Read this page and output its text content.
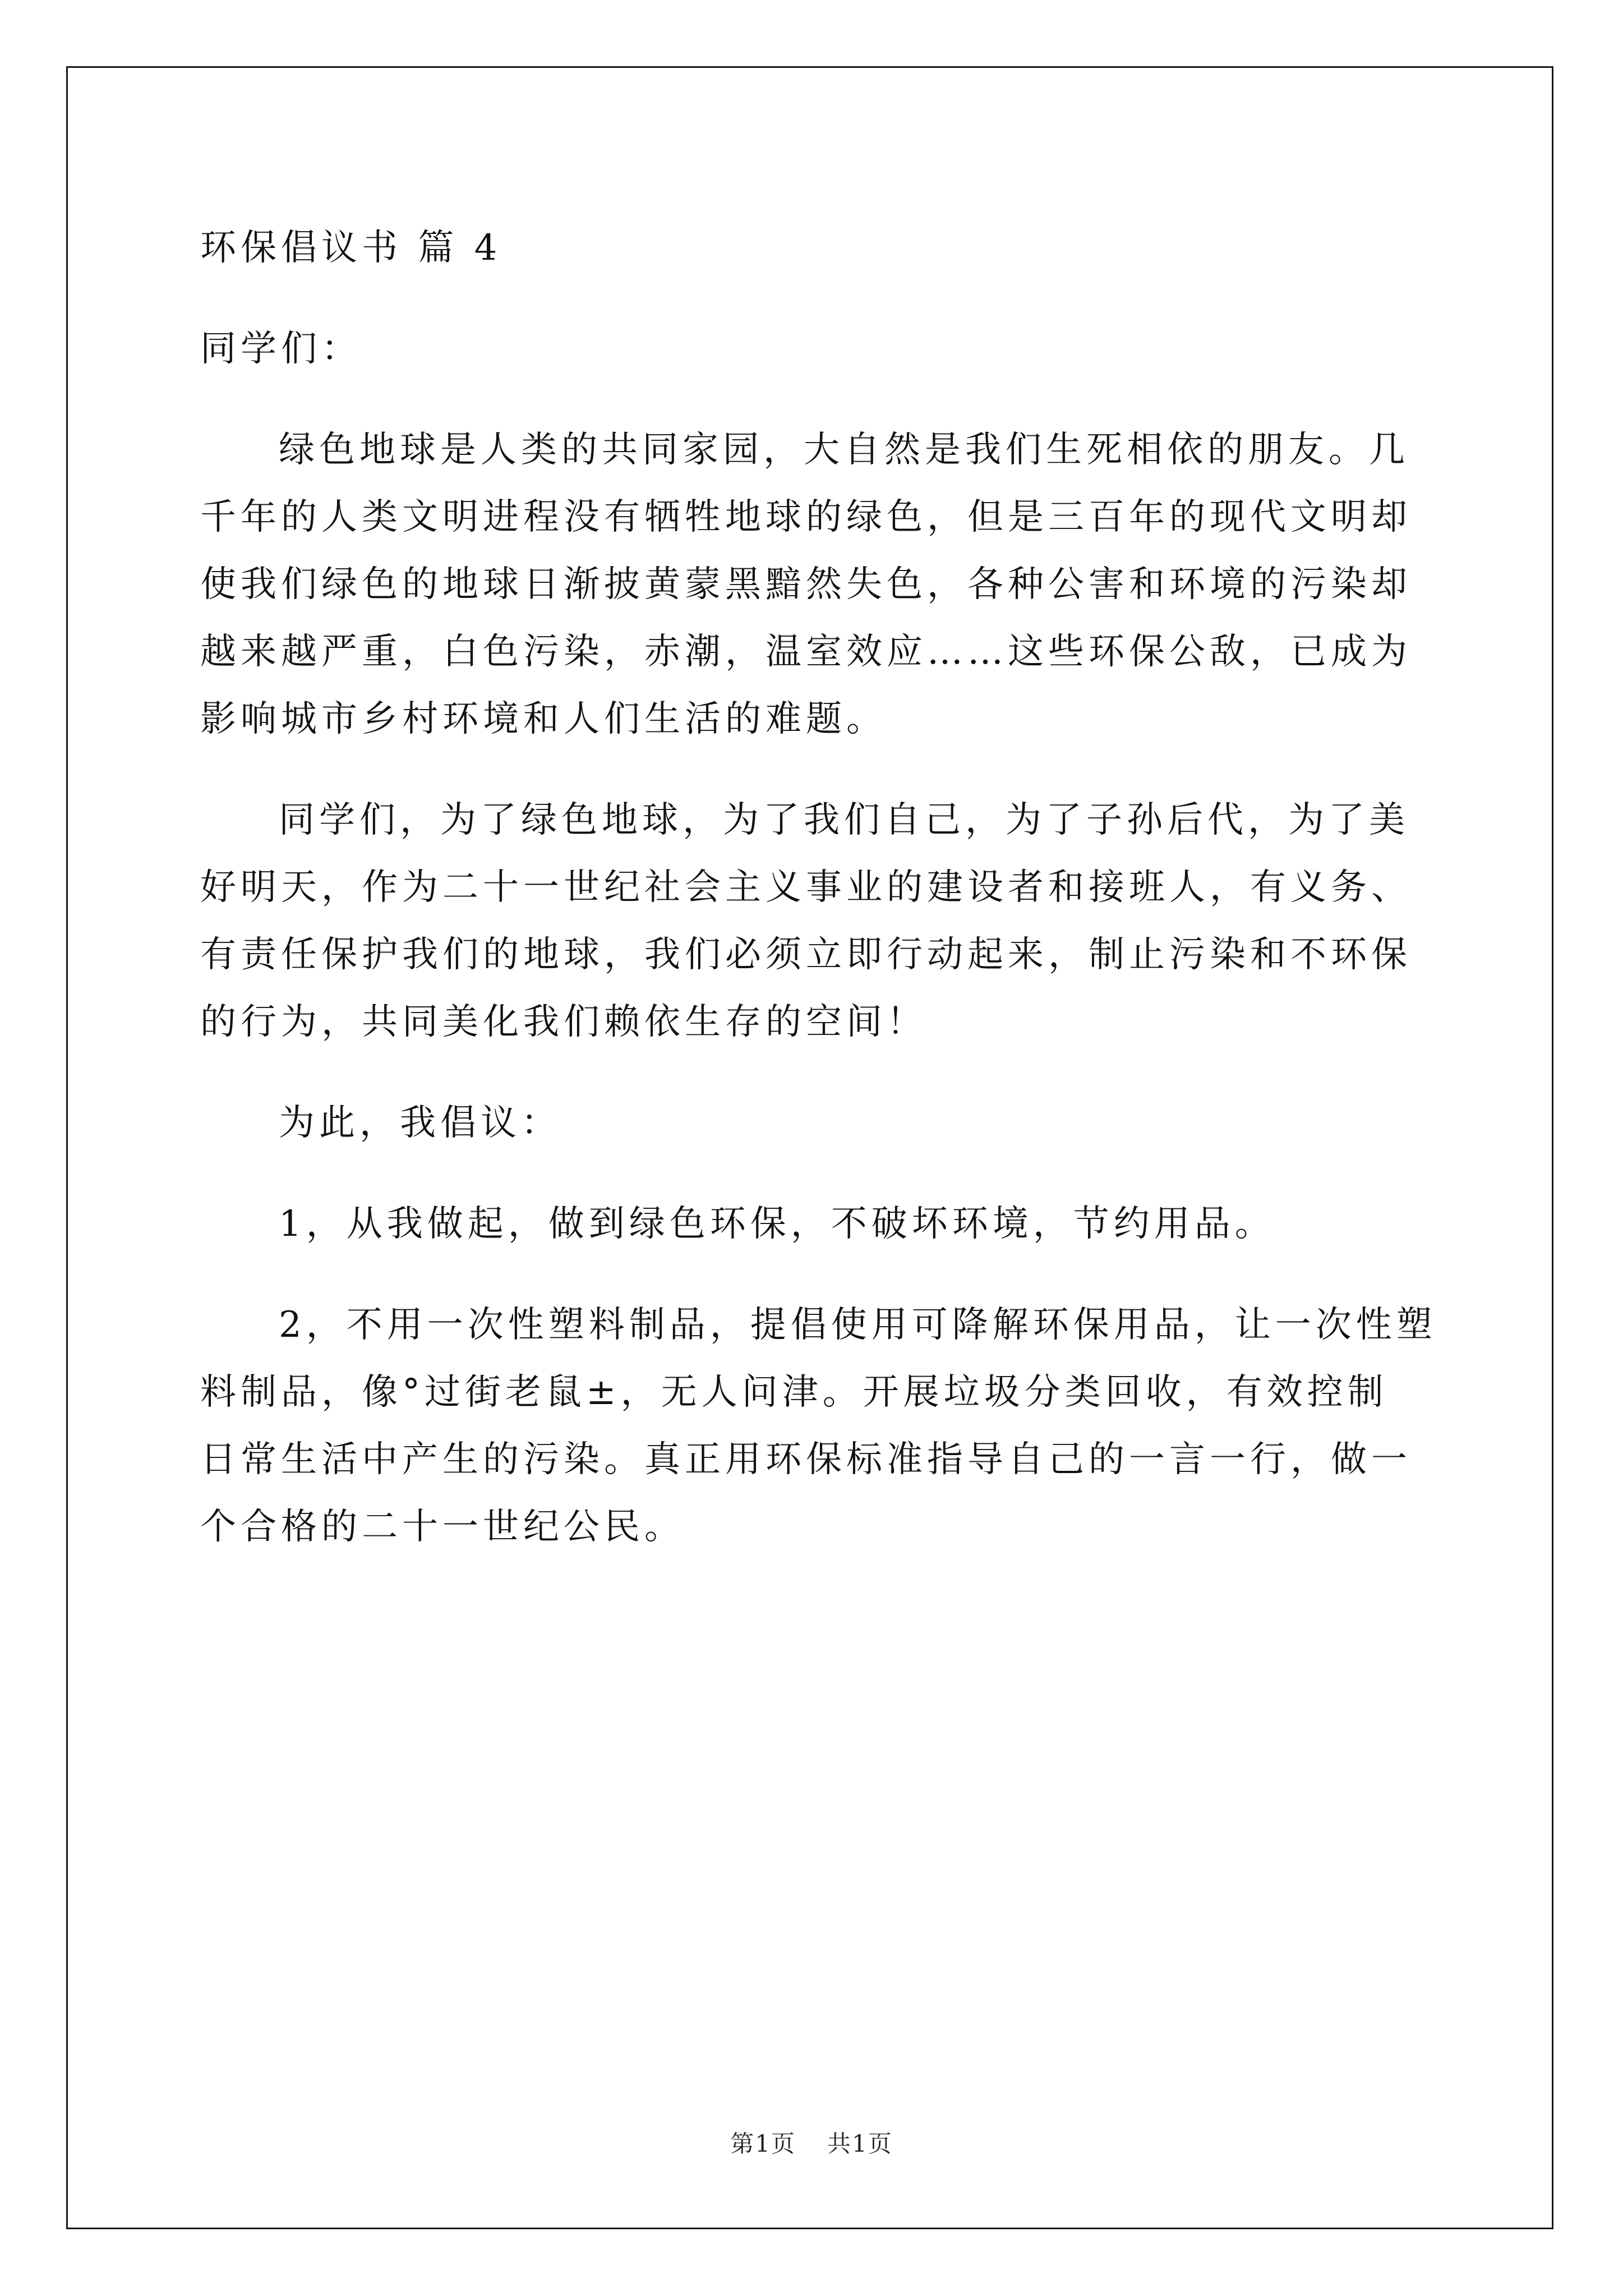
环保倡议书 篇 4
同学们：
绿色地球是人类的共同家园，大自然是我们生死相依的朋友。几
千年的人类文明进程没有牺牲地球的绿色，但是三百年的现代文明却
使我们绿色的地球日渐披黄蒙黑黯然失色，各种公害和环境的污染却
越来越严重，白色污染，赤潮，温室效应……这些环保公敌，已成为
影响城市乡村环境和人们生活的难题。
同学们，为了绿色地球，为了我们自己，为了子孙后代，为了美
好明天，作为二十一世纪社会主义事业的建设者和接班人，有义务、
有责任保护我们的地球，我们必须立即行动起来，制止污染和不环保
的行为，共同美化我们赖依生存的空间！
为此，我倡议：
1，从我做起，做到绿色环保，不破坏环境，节约用品。
2，不用一次性塑料制品，提倡使用可降解环保用品，让一次性塑
料制品，像°过街老鼠±，无人问津。开展垃圾分类回收，有效控制
日常生活中产生的污染。真正用环保标准指导自己的一言一行，做一
个合格的二十一世纪公民。
第1页 共1页
